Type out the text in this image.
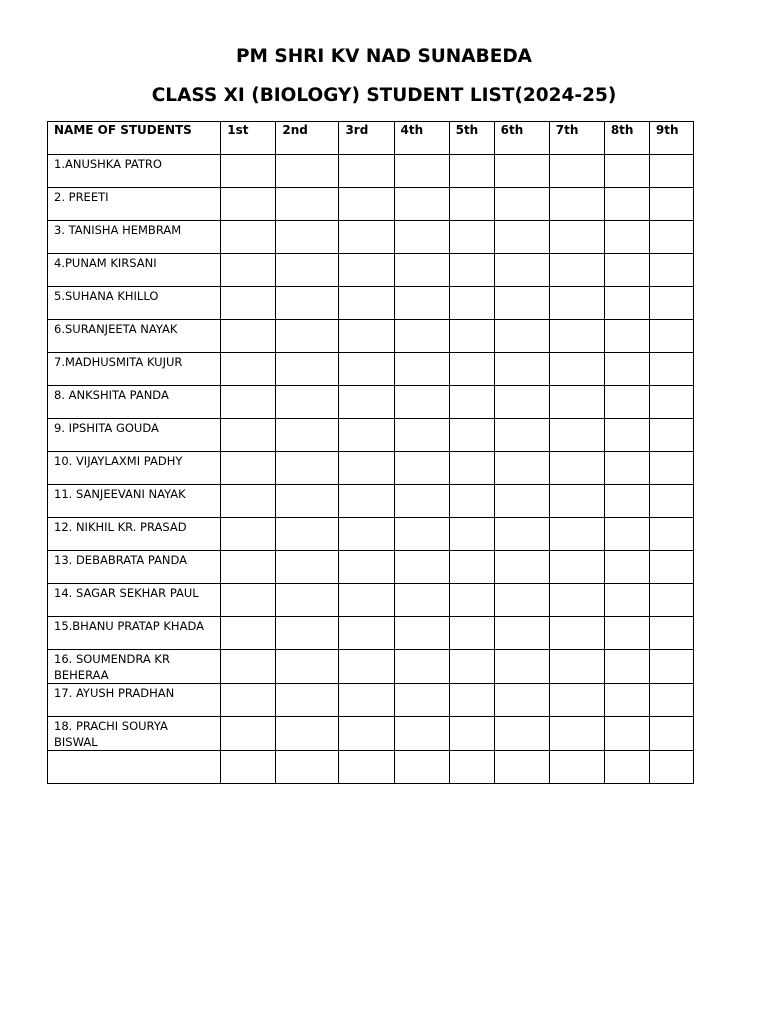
PM SHRI KV NAD SUNABEDA
CLASS XI (BIOLOGY) STUDENT LIST(2024-25)
NAME OF STUDENTS	1st	2nd	3rd	4th	5th	6th	7th	8th	9th
1.ANUSHKA PATRO									
2. PREETI									
3. TANISHA HEMBRAM									
4.PUNAM KIRSANI									
5.SUHANA KHILLO									
6.SURANJEETA NAYAK									
7.MADHUSMITA KUJUR									
8. ANKSHITA PANDA									
9. IPSHITA GOUDA									
10. VIJAYLAXMI PADHY									
11. SANJEEVANI NAYAK									
12. NIKHIL KR. PRASAD									
13. DEBABRATA PANDA									
14. SAGAR SEKHAR PAUL									
15.BHANU PRATAP KHADA									
16. SOUMENDRA KR BEHERAA									
17. AYUSH PRADHAN									
18. PRACHI SOURYA BISWAL									
